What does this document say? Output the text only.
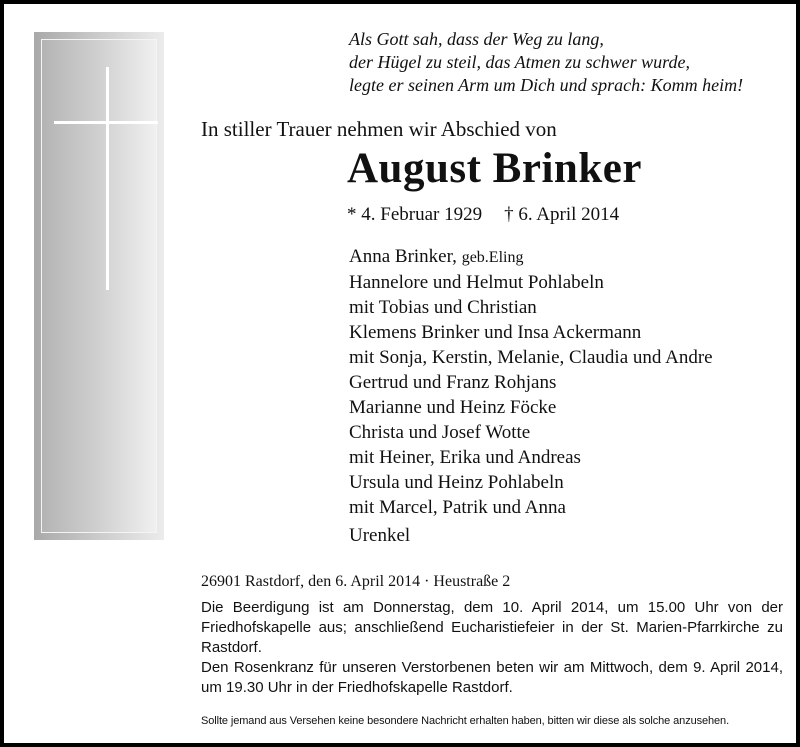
Als Gott sah, dass der Weg zu lang,
der Hügel zu steil, das Atmen zu schwer wurde,
legte er seinen Arm um Dich und sprach: Komm heim!
In stiller Trauer nehmen wir Abschied von
August Brinker
* 4. Februar 1929 † 6. April 2014
Anna Brinker, geb.Eling
Hannelore und Helmut Pohlabeln
mit Tobias und Christian
Klemens Brinker und Insa Ackermann
mit Sonja, Kerstin, Melanie, Claudia und Andre
Gertrud und Franz Rohjans
Marianne und Heinz Föcke
Christa und Josef Wotte
mit Heiner, Erika und Andreas
Ursula und Heinz Pohlabeln
mit Marcel, Patrik und Anna
Urenkel
26901 Rastdorf, den 6. April 2014 · Heustraße 2
Die Beerdigung ist am Donnerstag, dem 10. April 2014, um 15.00 Uhr von der Friedhofskapelle aus; anschließend Eucharistiefeier in der St. Marien-Pfarrkirche zu Rastdorf.
Den Rosenkranz für unseren Verstorbenen beten wir am Mittwoch, dem 9. April 2014, um 19.30 Uhr in der Friedhofskapelle Rastdorf.
Sollte jemand aus Versehen keine besondere Nachricht erhalten haben, bitten wir diese als solche anzusehen.
